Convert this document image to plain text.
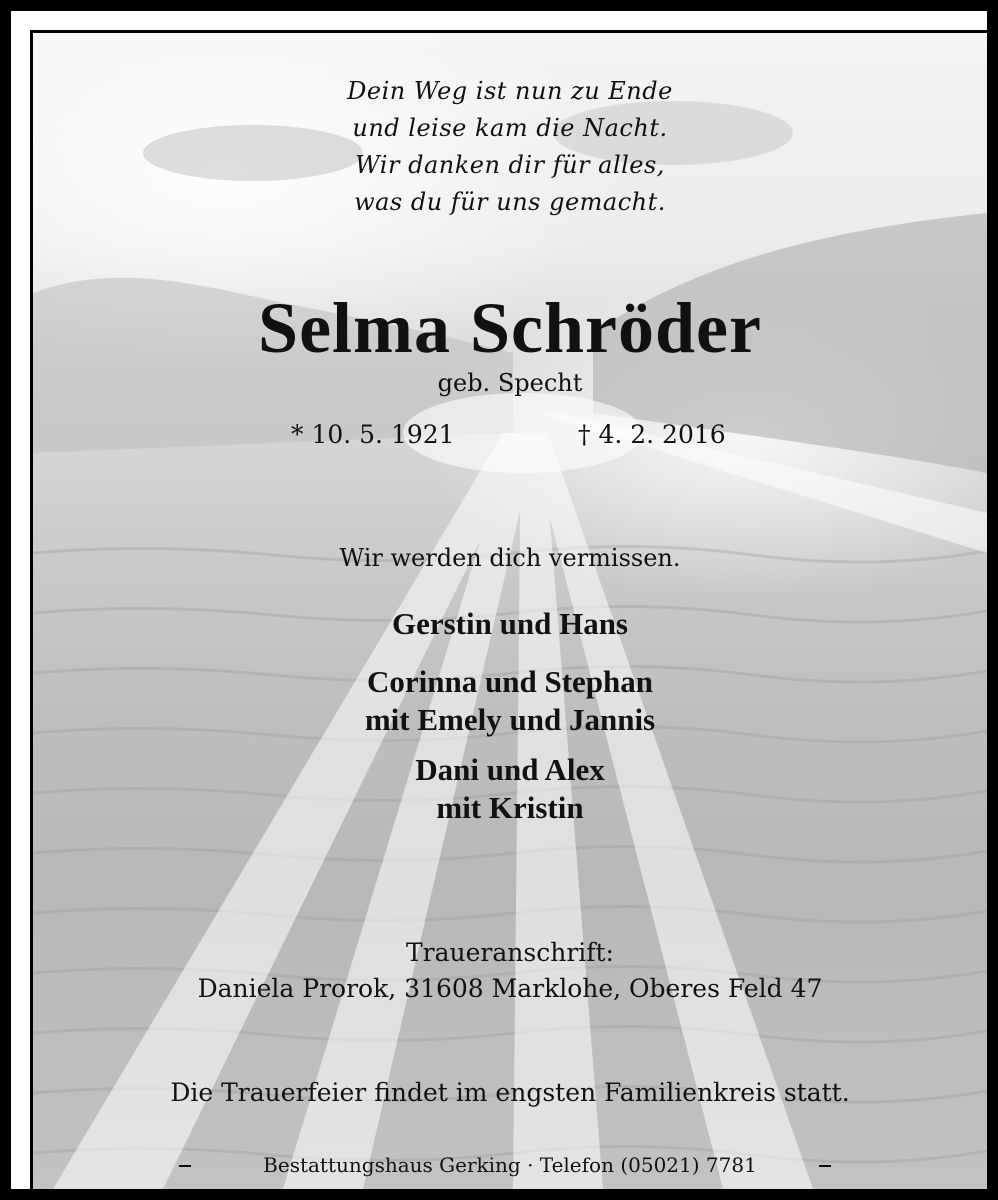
Dein Weg ist nun zu Ende
und leise kam die Nacht.
Wir danken dir für alles,
was du für uns gemacht.
Selma Schröder
geb. Specht
* 10. 5. 1921	† 4. 2. 2016
Wir werden dich vermissen.
Gerstin und Hans
Corinna und Stephan
mit Emely und Jannis
Dani und Alex
mit Kristin
Traueranschrift:
Daniela Prorok, 31608 Marklohe, Oberes Feld 47
Die Trauerfeier findet im engsten Familienkreis statt.
Bestattungshaus Gerking · Telefon (05021) 7781
